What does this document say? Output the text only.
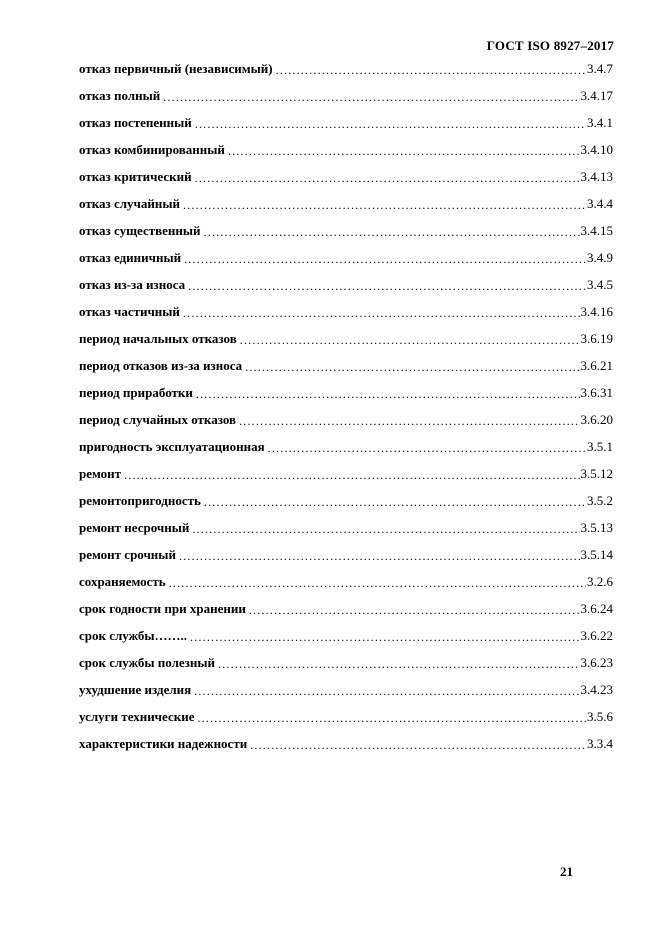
ГОСТ ISO 8927–2017
отказ первичный (независимый) .....	3.4.7
отказ полный .....	3.4.17
отказ постепенный .....	3.4.1
отказ комбинированный .....	3.4.10
отказ критический .....	3.4.13
отказ случайный .....	3.4.4
отказ существенный .....	3.4.15
отказ единичный .....	3.4.9
отказ из-за износа .....	3.4.5
отказ частичный .....	3.4.16
период начальных отказов .....	3.6.19
период отказов из-за износа .....	3.6.21
период приработки .....	3.6.31
период случайных отказов .....	3.6.20
пригодность эксплуатационная .....	3.5.1
ремонт .....	3.5.12
ремонтопригодность .....	3.5.2
ремонт несрочный .....	3.5.13
ремонт срочный .....	3.5.14
сохраняемость .....	3.2.6
срок годности при хранении .....	3.6.24
срок службы…….. .....	3.6.22
срок службы полезный .....	3.6.23
ухудшение изделия .....	3.4.23
услуги технические .....	3.5.6
характеристики надежности .....	3.3.4
21
